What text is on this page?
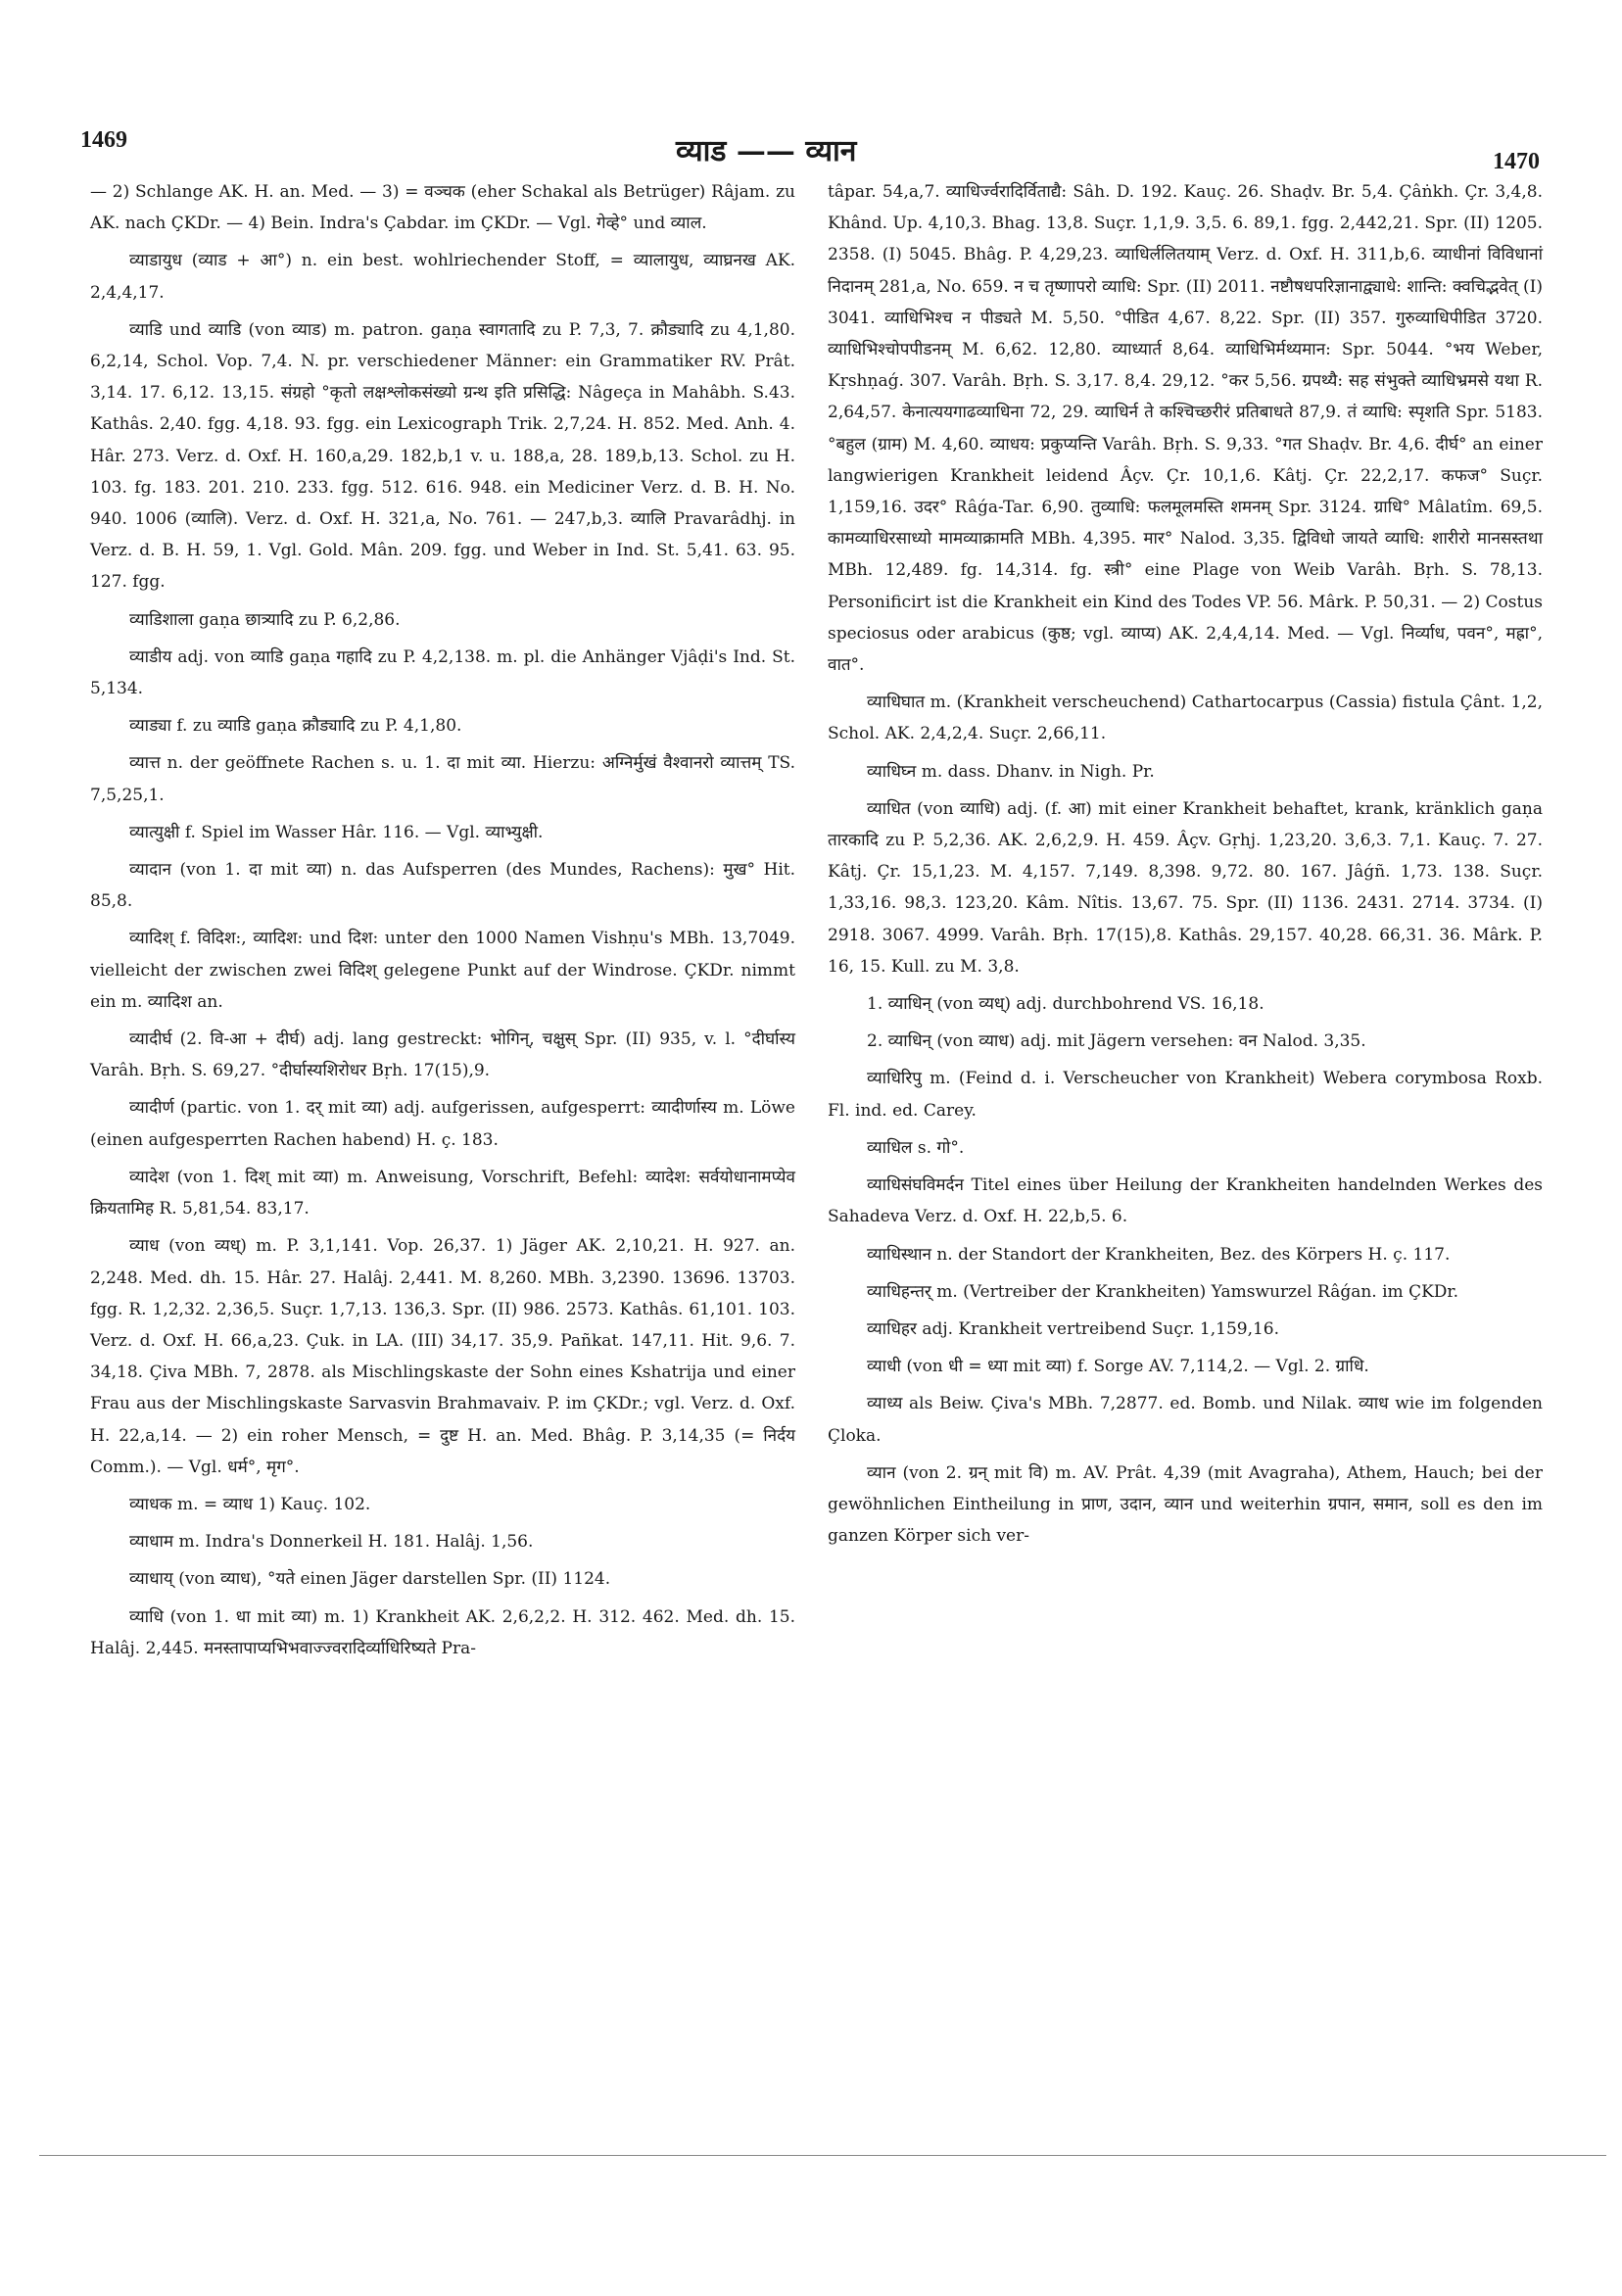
1469	व्याड —— व्यान	1470

— 2) Schlange AK. H. an. Med. — 3) = वञ्चक (eher Schakal als Betrüger) Râjam. zu AK. nach ÇKDr. — 4) Bein. Indra's Çabdar. im ÇKDr. — Vgl. गेव्हे° und व्याल.

व्याडायुध (व्याड + आ°) n. ein best. wohlriechender Stoff, = व्यालायुध, व्याघ्रनख AK. 2,4,4,17.

व्याडि und व्याडि (von व्याड) m. patron. gaṇa स्वागतादि zu P. 7,3, 7. क्रौड्यादि zu 4,1,80. 6,2,14, Schol. Vop. 7,4. N. pr. verschiedener Männer: ein Grammatiker RV. Prât. 3,14. 17. 6,12. 13,15. संग्रहो °कृतो लक्षश्लोकसंख्यो ग्रन्थ इति प्रसिद्धि: Nâgeça in Mahâbh. S.43. Kathâs. 2,40. fgg. 4,18. 93. fgg. ein Lexicograph Trik. 2,7,24. H. 852. Med. Anh. 4. Hâr. 273. Verz. d. Oxf. H. 160,a,29. 182,b,1 v. u. 188,a, 28. 189,b,13. Schol. zu H. 103. fg. 183. 201. 210. 233. fgg. 512. 616. 948. ein Mediciner Verz. d. B. H. No. 940. 1006 (व्यालि). Verz. d. Oxf. H. 321,a, No. 761. — 247,b,3. व्यालि Pravarâdhj. in Verz. d. B. H. 59, 1. Vgl. Gold. Mân. 209. fgg. und Weber in Ind. St. 5,41. 63. 95. 127. fgg.

व्याडिशाला gaṇa छात्र्यादि zu P. 6,2,86.

व्याडीय adj. von व्याडि gaṇa गहादि zu P. 4,2,138. m. pl. die Anhänger Vjâḍi's Ind. St. 5,134.

व्याड्या f. zu व्याडि gaṇa क्रौड्यादि zu P. 4,1,80.

व्यात्त n. der geöffnete Rachen s. u. 1. दा mit व्या. Hierzu: अग्निर्मुखं वैश्वानरो व्यात्तम् TS. 7,5,25,1.

व्यात्युक्षी f. Spiel im Wasser Hâr. 116. — Vgl. व्याभ्युक्षी.

व्यादान (von 1. दा mit व्या) n. das Aufsperren (des Mundes, Rachens): मुख° Hit. 85,8.

व्यादिश् f. विदिश:, व्यादिश: und दिश: unter den 1000 Namen Vishṇu's MBh. 13,7049. vielleicht der zwischen zwei विदिश् gelegene Punkt auf der Windrose. ÇKDr. nimmt ein m. व्यादिश an.

व्यादीर्घ (2. वि-आ + दीर्घ) adj. lang gestreckt: भोगिन्, चक्षुस् Spr. (II) 935, v. l. °दीर्घास्य Varâh. Bṛh. S. 69,27. °दीर्घास्यशिरोधर Bṛh. 17(15),9.

व्यादीर्ण (partic. von 1. दर् mit व्या) adj. aufgerissen, aufgesperrt: व्यादीर्णास्य m. Löwe (einen aufgesperrten Rachen habend) H. ç. 183.

व्यादेश (von 1. दिश् mit व्या) m. Anweisung, Vorschrift, Befehl: व्यादेश: सर्वयोधानामप्येव क्रियतामिह R. 5,81,54. 83,17.

व्याध (von व्यध्) m. P. 3,1,141. Vop. 26,37. 1) Jäger AK. 2,10,21. H. 927. an. 2,248. Med. dh. 15. Hâr. 27. Halâj. 2,441. M. 8,260. MBh. 3,2390. 13696. 13703. fgg. R. 1,2,32. 2,36,5. Suçr. 1,7,13. 136,3. Spr. (II) 986. 2573. Kathâs. 61,101. 103. Verz. d. Oxf. H. 66,a,23. Çuk. in LA. (III) 34,17. 35,9. Pañkat. 147,11. Hit. 9,6. 7. 34,18. Çiva MBh. 7, 2878. als Mischlingskaste der Sohn eines Kshatrija und einer Frau aus der Mischlingskaste Sarvasvin Brahmavaiv. P. im ÇKDr.; vgl. Verz. d. Oxf. H. 22,a,14. — 2) ein roher Mensch, = दुष्ट H. an. Med. Bhâg. P. 3,14,35 (= निर्दय Comm.). — Vgl. धर्म°, मृग°.

व्याधक m. = व्याध 1) Kauç. 102.

व्याधाम m. Indra's Donnerkeil H. 181. Halâj. 1,56.

व्याधाय् (von व्याध), °यते einen Jäger darstellen Spr. (II) 1124.

व्याधि (von 1. धा mit व्या) m. 1) Krankheit AK. 2,6,2,2. H. 312. 462. Med. dh. 15. Halâj. 2,445. मनस्तापाप्यभिभवाज्ज्वरादिर्व्याधिरिष्यते Pra-

tâpar. 54,a,7. व्याधिर्ज्वरादिर्विताद्यै: Sâh. D. 192. Kauç. 26. Shaḍv. Br. 5,4. Çâṅkh. Çr. 3,4,8. Khând. Up. 4,10,3. Bhag. 13,8. Suçr. 1,1,9. 3,5. 6. 89,1. fgg. 2,442,21. Spr. (II) 1205. 2358. (I) 5045. Bhâg. P. 4,29,23. व्याधिर्ललितयाम् Verz. d. Oxf. H. 311,b,6. व्याधीनां विविधानां निदानम् 281,a, No. 659. न च तृष्णापरो व्याधि: Spr. (II) 2011. नष्टौषधपरिज्ञानाद्व्याधे: शान्ति: क्वचिद्भवेत् (I) 3041. व्याधिभिश्च न पीड्यते M. 5,50. °पीडित 4,67. 8,22. Spr. (II) 357. गुरुव्याधिपीडित 3720. व्याधिभिश्चोपपीडनम् M. 6,62. 12,80. व्याध्यार्त 8,64. व्याधिभिर्मथ्यमान: Spr. 5044. °भय Weber, Kṛshṇaǵ. 307. Varâh. Bṛh. S. 3,17. 8,4. 29,12. °कर 5,56. ग्रपथ्यै: सह संभुक्ते व्याधिभ्रमसे यथा R. 2,64,57. केनात्ययगाढव्याधिना 72, 29. व्याधिर्न ते कश्चिच्छरीरं प्रतिबाधते 87,9. तं व्याधि: स्पृशति Spr. 5183. °बहुल (ग्राम) M. 4,60. व्याधय: प्रकुप्यन्ति Varâh. Bṛh. S. 9,33. °गत Shaḍv. Br. 4,6. दीर्घ° an einer langwierigen Krankheit leidend Âçv. Çr. 10,1,6. Kâtj. Çr. 22,2,17. कफज° Suçr. 1,159,16. उदर° Râǵa-Tar. 6,90. तुव्याधि: फलमूलमस्ति शमनम् Spr. 3124. ग्राधि° Mâlatîm. 69,5. कामव्याधिरसाध्यो मामव्याक्रामति MBh. 4,395. मार° Nalod. 3,35. द्विविधो जायते व्याधि: शारीरो मानसस्तथा MBh. 12,489. fg. 14,314. fg. स्त्री° eine Plage von Weib Varâh. Bṛh. S. 78,13. Personificirt ist die Krankheit ein Kind des Todes VP. 56. Mârk. P. 50,31. — 2) Costus speciosus oder arabicus (कुष्ठ; vgl. व्याप्य) AK. 2,4,4,14. Med. — Vgl. निर्व्याध, पवन°, मह्रा°, वात°.

व्याधिघात m. (Krankheit verscheuchend) Cathartocarpus (Cassia) fistula Çânt. 1,2, Schol. AK. 2,4,2,4. Suçr. 2,66,11.

व्याधिघ्न m. dass. Dhanv. in Nigh. Pr.

व्याधित (von व्याधि) adj. (f. आ) mit einer Krankheit behaftet, krank, kränklich gaṇa तारकादि zu P. 5,2,36. AK. 2,6,2,9. H. 459. Âçv. Gṛhj. 1,23,20. 3,6,3. 7,1. Kauç. 7. 27. Kâtj. Çr. 15,1,23. M. 4,157. 7,149. 8,398. 9,72. 80. 167. Jâǵñ. 1,73. 138. Suçr. 1,33,16. 98,3. 123,20. Kâm. Nîtis. 13,67. 75. Spr. (II) 1136. 2431. 2714. 3734. (I) 2918. 3067. 4999. Varâh. Bṛh. 17(15),8. Kathâs. 29,157. 40,28. 66,31. 36. Mârk. P. 16, 15. Kull. zu M. 3,8.

1. व्याधिन् (von व्यध्) adj. durchbohrend VS. 16,18.

2. व्याधिन् (von व्याध) adj. mit Jägern versehen: वन Nalod. 3,35.

व्याधिरिपु m. (Feind d. i. Verscheucher von Krankheit) Webera corymbosa Roxb. Fl. ind. ed. Carey.

व्याधिल s. गो°.

व्याधिसंघविमर्दन Titel eines über Heilung der Krankheiten handelnden Werkes des Sahadeva Verz. d. Oxf. H. 22,b,5. 6.

व्याधिस्थान n. der Standort der Krankheiten, Bez. des Körpers H. ç. 117.

व्याधिहन्तर् m. (Vertreiber der Krankheiten) Yamswurzel Râǵan. im ÇKDr.

व्याधिहर adj. Krankheit vertreibend Suçr. 1,159,16.

व्याधी (von धी = ध्या mit व्या) f. Sorge AV. 7,114,2. — Vgl. 2. ग्राधि.

व्याध्य als Beiw. Çiva's MBh. 7,2877. ed. Bomb. und Nilak. व्याध wie im folgenden Çloka.

व्यान (von 2. ग्रन् mit वि) m. AV. Prât. 4,39 (mit Avagraha), Athem, Hauch; bei der gewöhnlichen Eintheilung in प्राण, उदान, व्यान und weiterhin ग्रपान, समान, soll es den im ganzen Körper sich ver-
